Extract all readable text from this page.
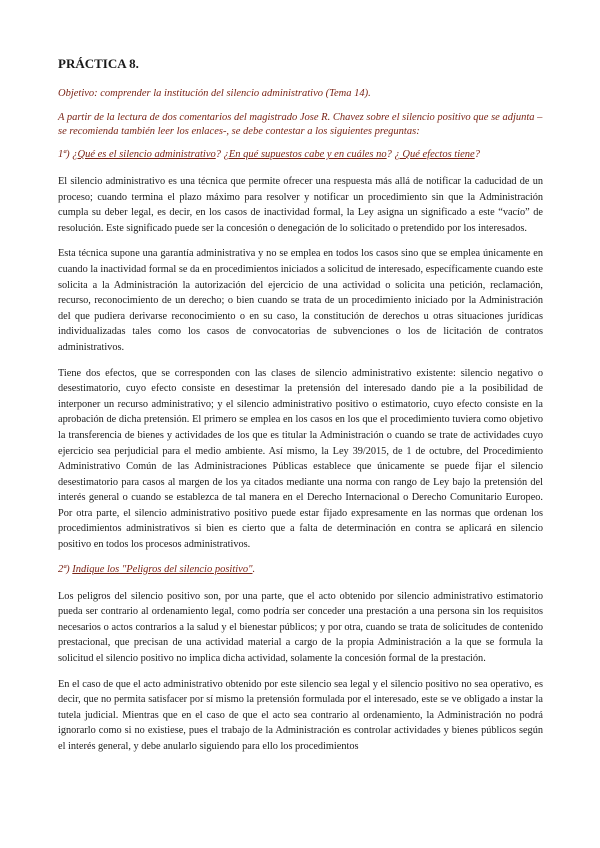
PRÁCTICA 8.

Objetivo: comprender la institución del silencio administrativo (Tema 14).

A partir de la lectura de dos comentarios del magistrado Jose R. Chavez sobre el silencio positivo que se adjunta –se recomienda también leer los enlaces-, se debe contestar a los siguientes preguntas:

1ª) ¿Qué es el silencio administrativo? ¿En qué supuestos cabe y en cuáles no? ¿ Qué efectos tiene?

El silencio administrativo es una técnica que permite ofrecer una respuesta más allá de notificar la caducidad de un proceso; cuando termina el plazo máximo para resolver y notificar un procedimiento sin que la Administración cumpla su deber legal, es decir, en los casos de inactividad formal, la Ley asigna un significado a este “vacío” de resolución. Este significado puede ser la concesión o denegación de lo solicitado o pretendido por los interesados.

Esta técnica supone una garantía administrativa y no se emplea en todos los casos sino que se emplea únicamente en cuando la inactividad formal se da en procedimientos iniciados a solicitud de interesado, específicamente cuando este solicita a la Administración la autorización del ejercicio de una actividad o solicita una petición, reclamación, recurso, reconocimiento de un derecho; o bien cuando se trata de un procedimiento iniciado por la Administración del que pudiera derivarse reconocimiento o en su caso, la constitución de derechos u otras situaciones jurídicas individualizadas tales como los casos de convocatorias de subvenciones o los de licitación de contratos administrativos.

Tiene dos efectos, que se corresponden con las clases de silencio administrativo existente: silencio negativo o desestimatorio, cuyo efecto consiste en desestimar la pretensión del interesado dando pie a la posibilidad de interponer un recurso administrativo; y el silencio administrativo positivo o estimatorio, cuyo efecto consiste en la aprobación de dicha pretensión. El primero se emplea en los casos en los que el procedimiento tuviera como objetivo la transferencia de bienes y actividades de los que es titular la Administración o cuando se trate de actividades cuyo ejercicio sea perjudicial para el medio ambiente. Así mismo, la Ley 39/2015, de 1 de octubre, del Procedimiento Administrativo Común de las Administraciones Públicas establece que únicamente se puede fijar el silencio desestimatorio para casos al margen de los ya citados mediante una norma con rango de Ley bajo la pretensión del interés general o cuando se establezca de tal manera en el Derecho Internacional o Derecho Comunitario Europeo. Por otra parte, el silencio administrativo positivo puede estar fijado expresamente en las normas que ordenan los procedimientos administrativos si bien es cierto que a falta de determinación en contra se aplicará en silencio positivo en todos los procesos administrativos.

2ª) Indique los "Peligros del silencio positivo".

Los peligros del silencio positivo son, por una parte, que el acto obtenido por silencio administrativo estimatorio pueda ser contrario al ordenamiento legal, como podría ser conceder una prestación a una persona sin los requisitos necesarios o actos contrarios a la salud y el bienestar públicos; y por otra, cuando se trata de solicitudes de contenido prestacional, que precisan de una actividad material a cargo de la propia Administración a la que se formula la solicitud el silencio positivo no implica dicha actividad, solamente la concesión formal de la prestación.

En el caso de que el acto administrativo obtenido por este silencio sea legal y el silencio positivo no sea operativo, es decir, que no permita satisfacer por sí mismo la pretensión formulada por el interesado, este se ve obligado a instar la tutela judicial. Mientras que en el caso de que el acto sea contrario al ordenamiento, la Administración no podrá ignorarlo como si no existiese, pues el trabajo de la Administración es controlar actividades y bienes públicos según el interés general, y debe anularlo siguiendo para ello los procedimientos
